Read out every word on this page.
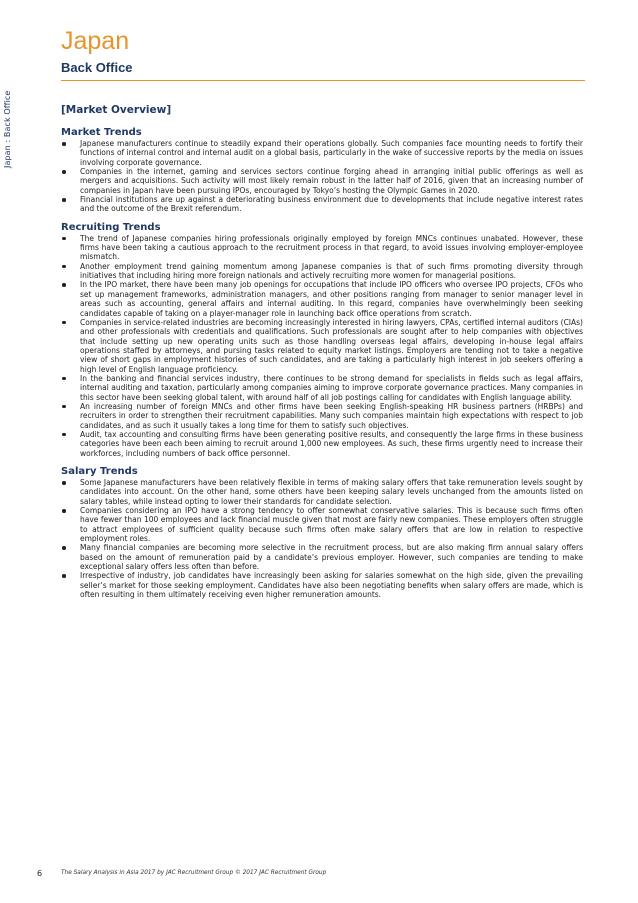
Japan : Back Office
Japan
Back Office
[Market Overview]
Market Trends
Japanese manufacturers continue to steadily expand their operations globally. Such companies face mounting needs to fortify their functions of internal control and internal audit on a global basis, particularly in the wake of successive reports by the media on issues involving corporate governance.
Companies in the internet, gaming and services sectors continue forging ahead in arranging initial public offerings as well as mergers and acquisitions. Such activity will most likely remain robust in the latter half of 2016, given that an increasing number of companies in Japan have been pursuing IPOs, encouraged by Tokyo’s hosting the Olympic Games in 2020.
Financial institutions are up against a deteriorating business environment due to developments that include negative interest rates and the outcome of the Brexit referendum.
Recruiting Trends
The trend of Japanese companies hiring professionals originally employed by foreign MNCs continues unabated. However, these firms have been taking a cautious approach to the recruitment process in that regard, to avoid issues involving employer-employee mismatch.
Another employment trend gaining momentum among Japanese companies is that of such firms promoting diversity through initiatives that including hiring more foreign nationals and actively recruiting more women for managerial positions.
In the IPO market, there have been many job openings for occupations that include IPO officers who oversee IPO projects, CFOs who set up management frameworks, administration managers, and other positions ranging from manager to senior manager level in areas such as accounting, general affairs and internal auditing. In this regard, companies have overwhelmingly been seeking candidates capable of taking on a player-manager role in launching back office operations from scratch.
Companies in service-related industries are becoming increasingly interested in hiring lawyers, CPAs, certified internal auditors (CIAs) and other professionals with credentials and qualifications. Such professionals are sought after to help companies with objectives that include setting up new operating units such as those handling overseas legal affairs, developing in-house legal affairs operations staffed by attorneys, and pursing tasks related to equity market listings. Employers are tending not to take a negative view of short gaps in employment histories of such candidates, and are taking a particularly high interest in job seekers offering a high level of English language proficiency.
In the banking and financial services industry, there continues to be strong demand for specialists in fields such as legal affairs, internal auditing and taxation, particularly among companies aiming to improve corporate governance practices. Many companies in this sector have been seeking global talent, with around half of all job postings calling for candidates with English language ability.
An increasing number of foreign MNCs and other firms have been seeking English-speaking HR business partners (HRBPs) and recruiters in order to strengthen their recruitment capabilities. Many such companies maintain high expectations with respect to job candidates, and as such it usually takes a long time for them to satisfy such objectives.
Audit, tax accounting and consulting firms have been generating positive results, and consequently the large firms in these business categories have been each been aiming to recruit around 1,000 new employees. As such, these firms urgently need to increase their workforces, including numbers of back office personnel.
Salary Trends
Some Japanese manufacturers have been relatively flexible in terms of making salary offers that take remuneration levels sought by candidates into account. On the other hand, some others have been keeping salary levels unchanged from the amounts listed on salary tables, while instead opting to lower their standards for candidate selection.
Companies considering an IPO have a strong tendency to offer somewhat conservative salaries. This is because such firms often have fewer than 100 employees and lack financial muscle given that most are fairly new companies. These employers often struggle to attract employees of sufficient quality because such firms often make salary offers that are low in relation to respective employment roles.
Many financial companies are becoming more selective in the recruitment process, but are also making firm annual salary offers based on the amount of remuneration paid by a candidate’s previous employer. However, such companies are tending to make exceptional salary offers less often than before.
Irrespective of industry, job candidates have increasingly been asking for salaries somewhat on the high side, given the prevailing seller’s market for those seeking employment. Candidates have also been negotiating benefits when salary offers are made, which is often resulting in them ultimately receiving even higher remuneration amounts.
6	The Salary Analysis in Asia 2017 by JAC Recruitment Group © 2017 JAC Recruitment Group
